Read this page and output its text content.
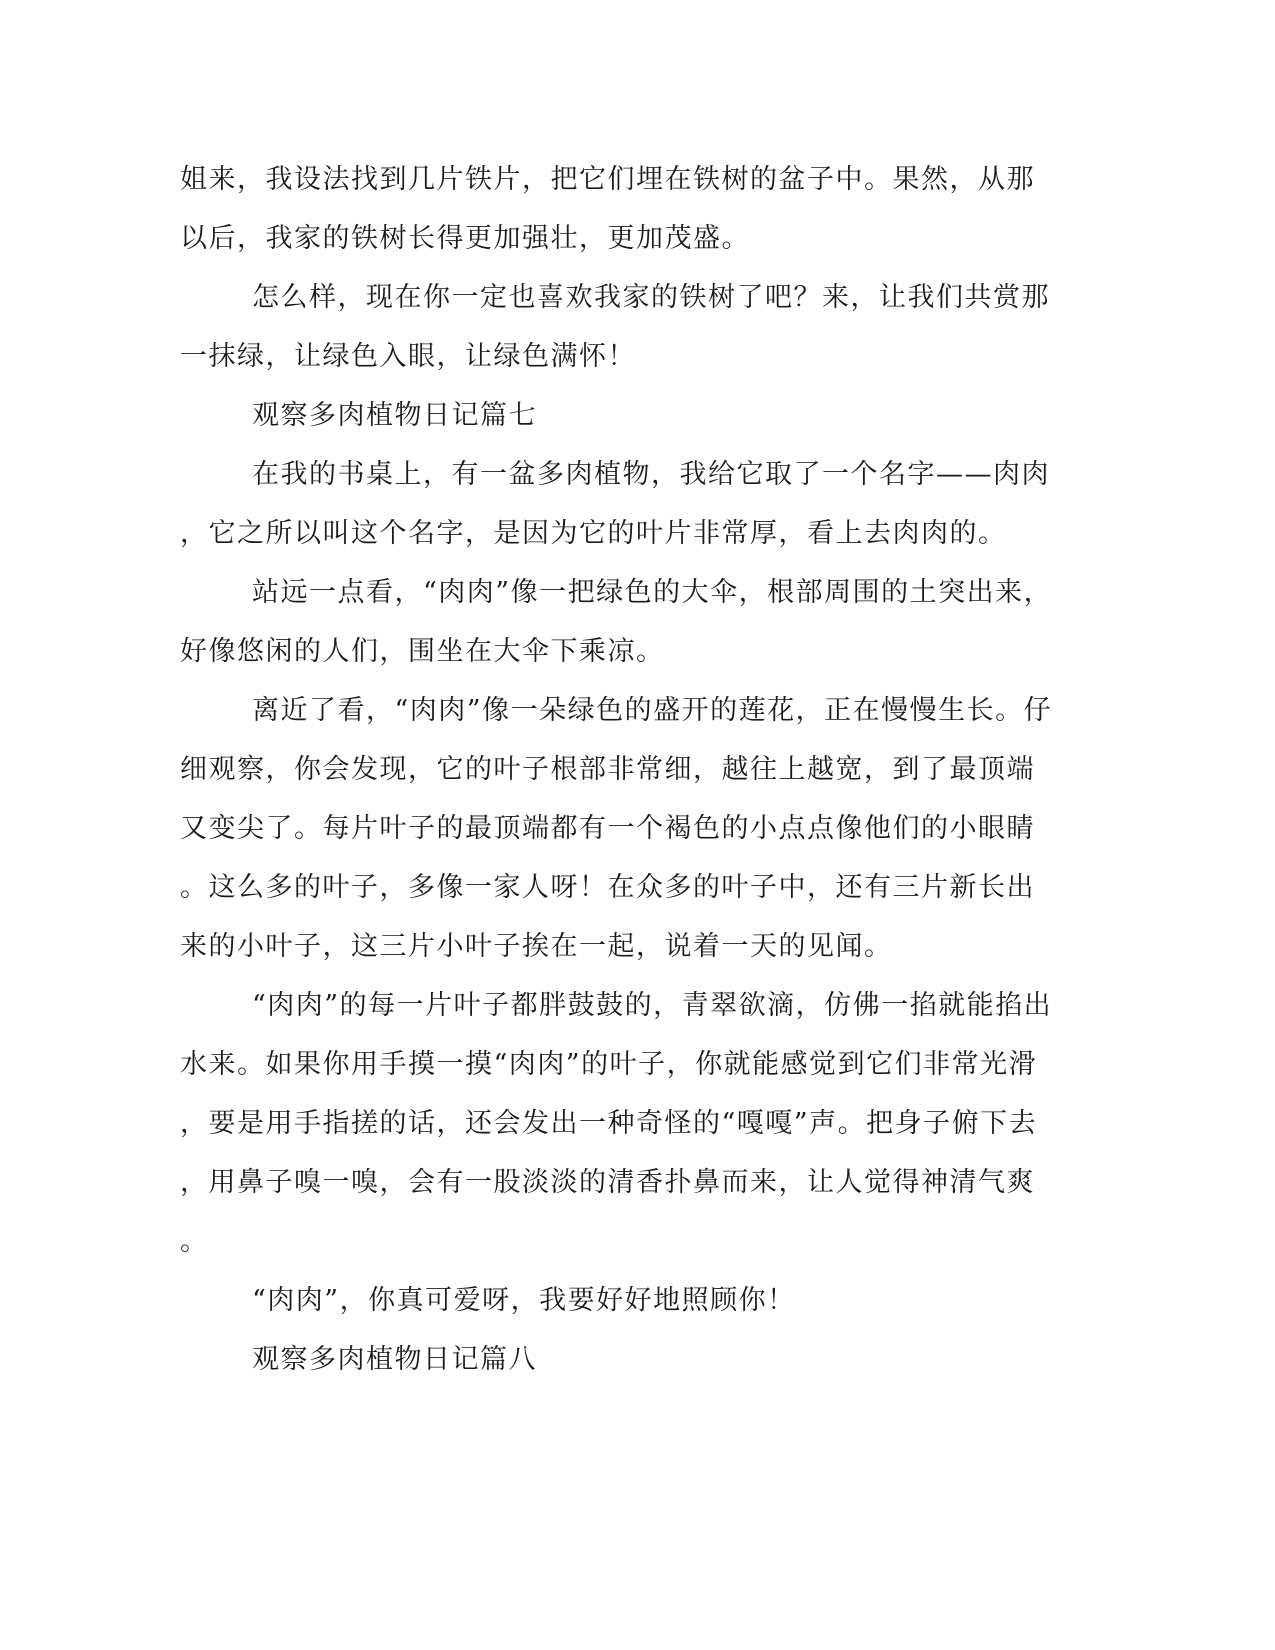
姐来，我设法找到几片铁片，把它们埋在铁树的盆子中。果然，从那

以后，我家的铁树长得更加强壮，更加茂盛。

怎么样，现在你一定也喜欢我家的铁树了吧？来，让我们共赏那

一抹绿，让绿色入眼，让绿色满怀！

观察多肉植物日记篇七

在我的书桌上，有一盆多肉植物，我给它取了一个名字——肉肉

，它之所以叫这个名字，是因为它的叶片非常厚，看上去肉肉的。

站远一点看，“肉肉”像一把绿色的大伞，根部周围的土突出来，

好像悠闲的人们，围坐在大伞下乘凉。

离近了看，“肉肉”像一朵绿色的盛开的莲花，正在慢慢生长。仔

细观察，你会发现，它的叶子根部非常细，越往上越宽，到了最顶端

又变尖了。每片叶子的最顶端都有一个褐色的小点点像他们的小眼睛

。这么多的叶子，多像一家人呀！在众多的叶子中，还有三片新长出

来的小叶子，这三片小叶子挨在一起，说着一天的见闻。

“肉肉”的每一片叶子都胖鼓鼓的，青翠欲滴，仿佛一掐就能掐出

水来。如果你用手摸一摸“肉肉”的叶子，你就能感觉到它们非常光滑

，要是用手指搓的话，还会发出一种奇怪的“嘎嘎”声。把身子俯下去

，用鼻子嗅一嗅，会有一股淡淡的清香扑鼻而来，让人觉得神清气爽

。

“肉肉”，你真可爱呀，我要好好地照顾你！

观察多肉植物日记篇八
